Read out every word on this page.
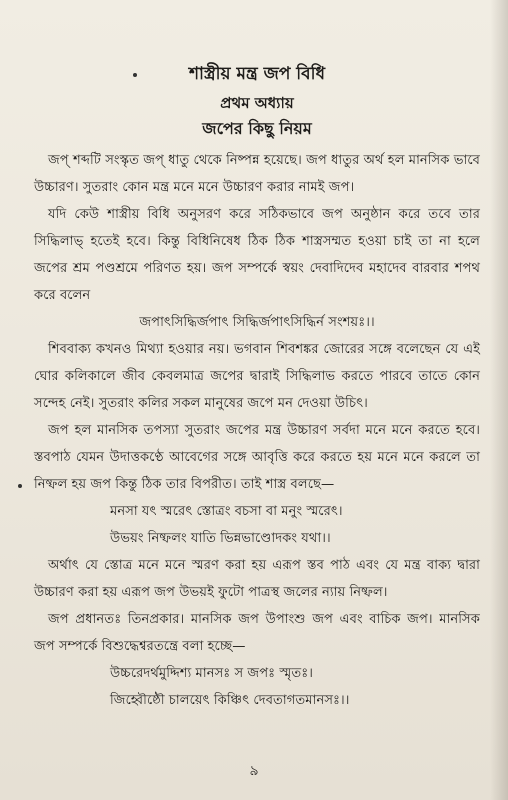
শাস্ত্রীয় মন্ত্র জপ বিধি
প্রথম অধ্যায়
জপের কিছু নিয়ম

জপ্ শব্দটি সংস্কৃত জপ্ ধাতু থেকে নিষ্পন্ন হয়েছে। জপ ধাতুর অর্থ হল মানসিক ভাবে উচ্চারণ। সুতরাং কোন মন্ত্র মনে মনে উচ্চারণ করার নামই জপ।

যদি কেউ শাস্ত্রীয় বিধি অনুসরণ করে সঠিকভাবে জপ অনুষ্ঠান করে তবে তার সিদ্ধিলাভ্ হতেই হবে। কিন্তু বিধিনিষেধ ঠিক ঠিক শাস্ত্রসম্মত হওয়া চাই তা না হলে জপের শ্রম পণ্ডশ্রমে পরিণত হয়। জপ সম্পর্কে স্বয়ং দেবাদিদেব মহাদেব বারবার শপথ করে বলেন

জপাৎসিদ্ধির্জপাৎ সিদ্ধির্জপাৎসিদ্ধির্ন সংশয়ঃ।।

শিববাক্য কখনও মিথ্যা হওয়ার নয়। ভগবান শিবশঙ্কর জোরের সঙ্গে বলেছেন যে এই ঘোর কলিকালে জীব কেবলমাত্র জপের দ্বারাই সিদ্ধিলাভ করতে পারবে তাতে কোন সন্দেহ নেই। সুতরাং কলির সকল মানুষের জপে মন দেওয়া উচিৎ।

জপ হল মানসিক তপস্যা সুতরাং জপের মন্ত্র উচ্চারণ সর্বদা মনে মনে করতে হবে। স্তবপাঠ যেমন উদাত্তকণ্ঠে আবেগের সঙ্গে আবৃত্তি করে করতে হয় মনে মনে করলে তা নিষ্ফল হয় জপ কিন্তু ঠিক তার বিপরীত। তাই শাস্ত্র বলছে—

মনসা যৎ স্মরেৎ স্তোত্রং বচসা বা মনুং স্মরেৎ।

উভয়ং নিষ্ফলং যাতি ভিন্নভাণ্ডোদকং যথা।।

অর্থাৎ যে স্তোত্র মনে মনে স্মরণ করা হয় এরূপ স্তব পাঠ এবং যে মন্ত্র বাক্য দ্বারা উচ্চারণ করা হয় এরূপ জপ উভয়ই ফুটো পাত্রস্থ জলের ন্যায় নিষ্ফল।

জপ প্রধানতঃ তিনপ্রকার। মানসিক জপ উপাংশু জপ এবং বাচিক জপ। মানসিক জপ সম্পর্কে বিশুদ্ধেশ্বরতন্ত্রে বলা হচ্ছে—

উচ্চরেদর্থমুদ্দিশ্য মানসঃ স জপঃ স্মৃতঃ।

জিহ্বৌষ্ঠৌ চালয়েৎ কিঞ্চিৎ দেবতাগতমানসঃ।।

৯
